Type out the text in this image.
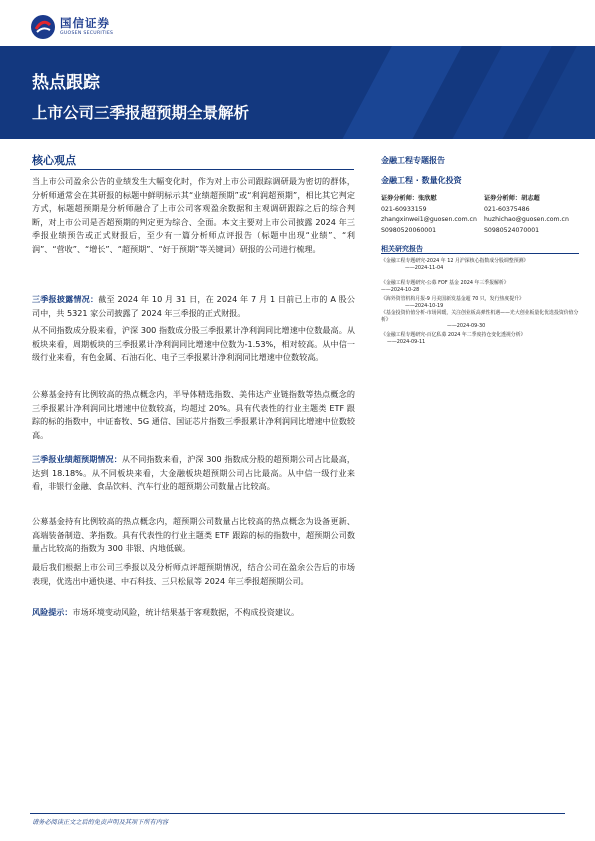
国信证券
GUOSEN SECURITIES
热点跟踪
上市公司三季报超预期全景解析
核心观点
当上市公司盈余公告的业绩发生大幅变化时，作为对上市公司跟踪调研最为密切的群体，分析师通常会在其研报的标题中鲜明标示其“业绩超预期”或“利润超预期”，相比其它判定方式，标题超预期是分析师融合了上市公司客观盈余数据和主观调研跟踪之后的综合判断，对上市公司是否超预期的判定更为综合、全面。本文主要对上市公司披露 2024 年三季报业绩预告或正式财报后，至少有一篇分析师点评报告（标题中出现“业绩”、“利润”、“营收”、“增长”、“超预期”、“好于预期”等关键词）研报的公司进行梳理。
三季报披露情况：截至 2024 年 10 月 31 日，在 2024 年 7 月 1 日前已上市的 A 股公司中，共 5321 家公司披露了 2024 年三季报的正式财报。
从不同指数成分股来看，沪深 300 指数成分股三季报累计净利润同比增速中位数最高。从板块来看，周期板块的三季报累计净利润同比增速中位数为-1.53%，相对较高。从中信一级行业来看，有色金属、石油石化、电子三季报累计净利润同比增速中位数较高。
公募基金持有比例较高的热点概念内，半导体精选指数、美伟达产业链指数等热点概念的三季报累计净利润同比增速中位数较高，均超过 20%。具有代表性的行业主题类 ETF 跟踪的标的指数中，中证畜牧、5G 通信、国证芯片指数三季报累计净利润同比增速中位数较高。
三季报业绩超预期情况：从不同指数来看，沪深 300 指数成分股的超预期公司占比最高，达到 18.18%。从不同板块来看，大金融板块超预期公司占比最高。从中信一级行业来看，非银行金融、食品饮料、汽车行业的超预期公司数量占比较高。
公募基金持有比例较高的热点概念内，超预期公司数量占比较高的热点概念为设备更新、高端装备制造、茅指数。具有代表性的行业主题类 ETF 跟踪的标的指数中，超预期公司数量占比较高的指数为 300 非银、内地低碳。
最后我们根据上市公司三季报以及分析师点评超预期情况，结合公司在盈余公告后的市场表现，优选出中通快递、中石科技、三只松鼠等 2024 年三季报超预期公司。
风险提示：市场环境变动风险，统计结果基于客观数据，不构成投资建议。
金融工程专题报告
金融工程 · 数量化投资
证券分析师：张欣慰
021-60933159
zhangxinwei1@guosen.com.cn
S0980520060001
证券分析师：胡志超
021-60375486
huzhichao@guosen.com.cn
S0980524070001
相关研究报告
《金融工程专题研究-2024 年 12 月沪深核心指数成分股调整预测》
——2024-11-04
《金融工程专题研究-公募 FOF 基金 2024 年三季报解析》
——2024-10-28
《海外资管机构月报-9 月美国新发基金超 70 只，发行热度提升》
——2024-10-19
《基金投资价值分析-市场回暖，关注创业板高弹性机遇——光大创业板量化优选投资价值分析》
——2024-09-30
《金融工程专题研究-百亿私募 2024 年二季度持仓变化透视分析》
——2024-09-11
请务必阅读正文之后的免责声明及其项下所有内容
